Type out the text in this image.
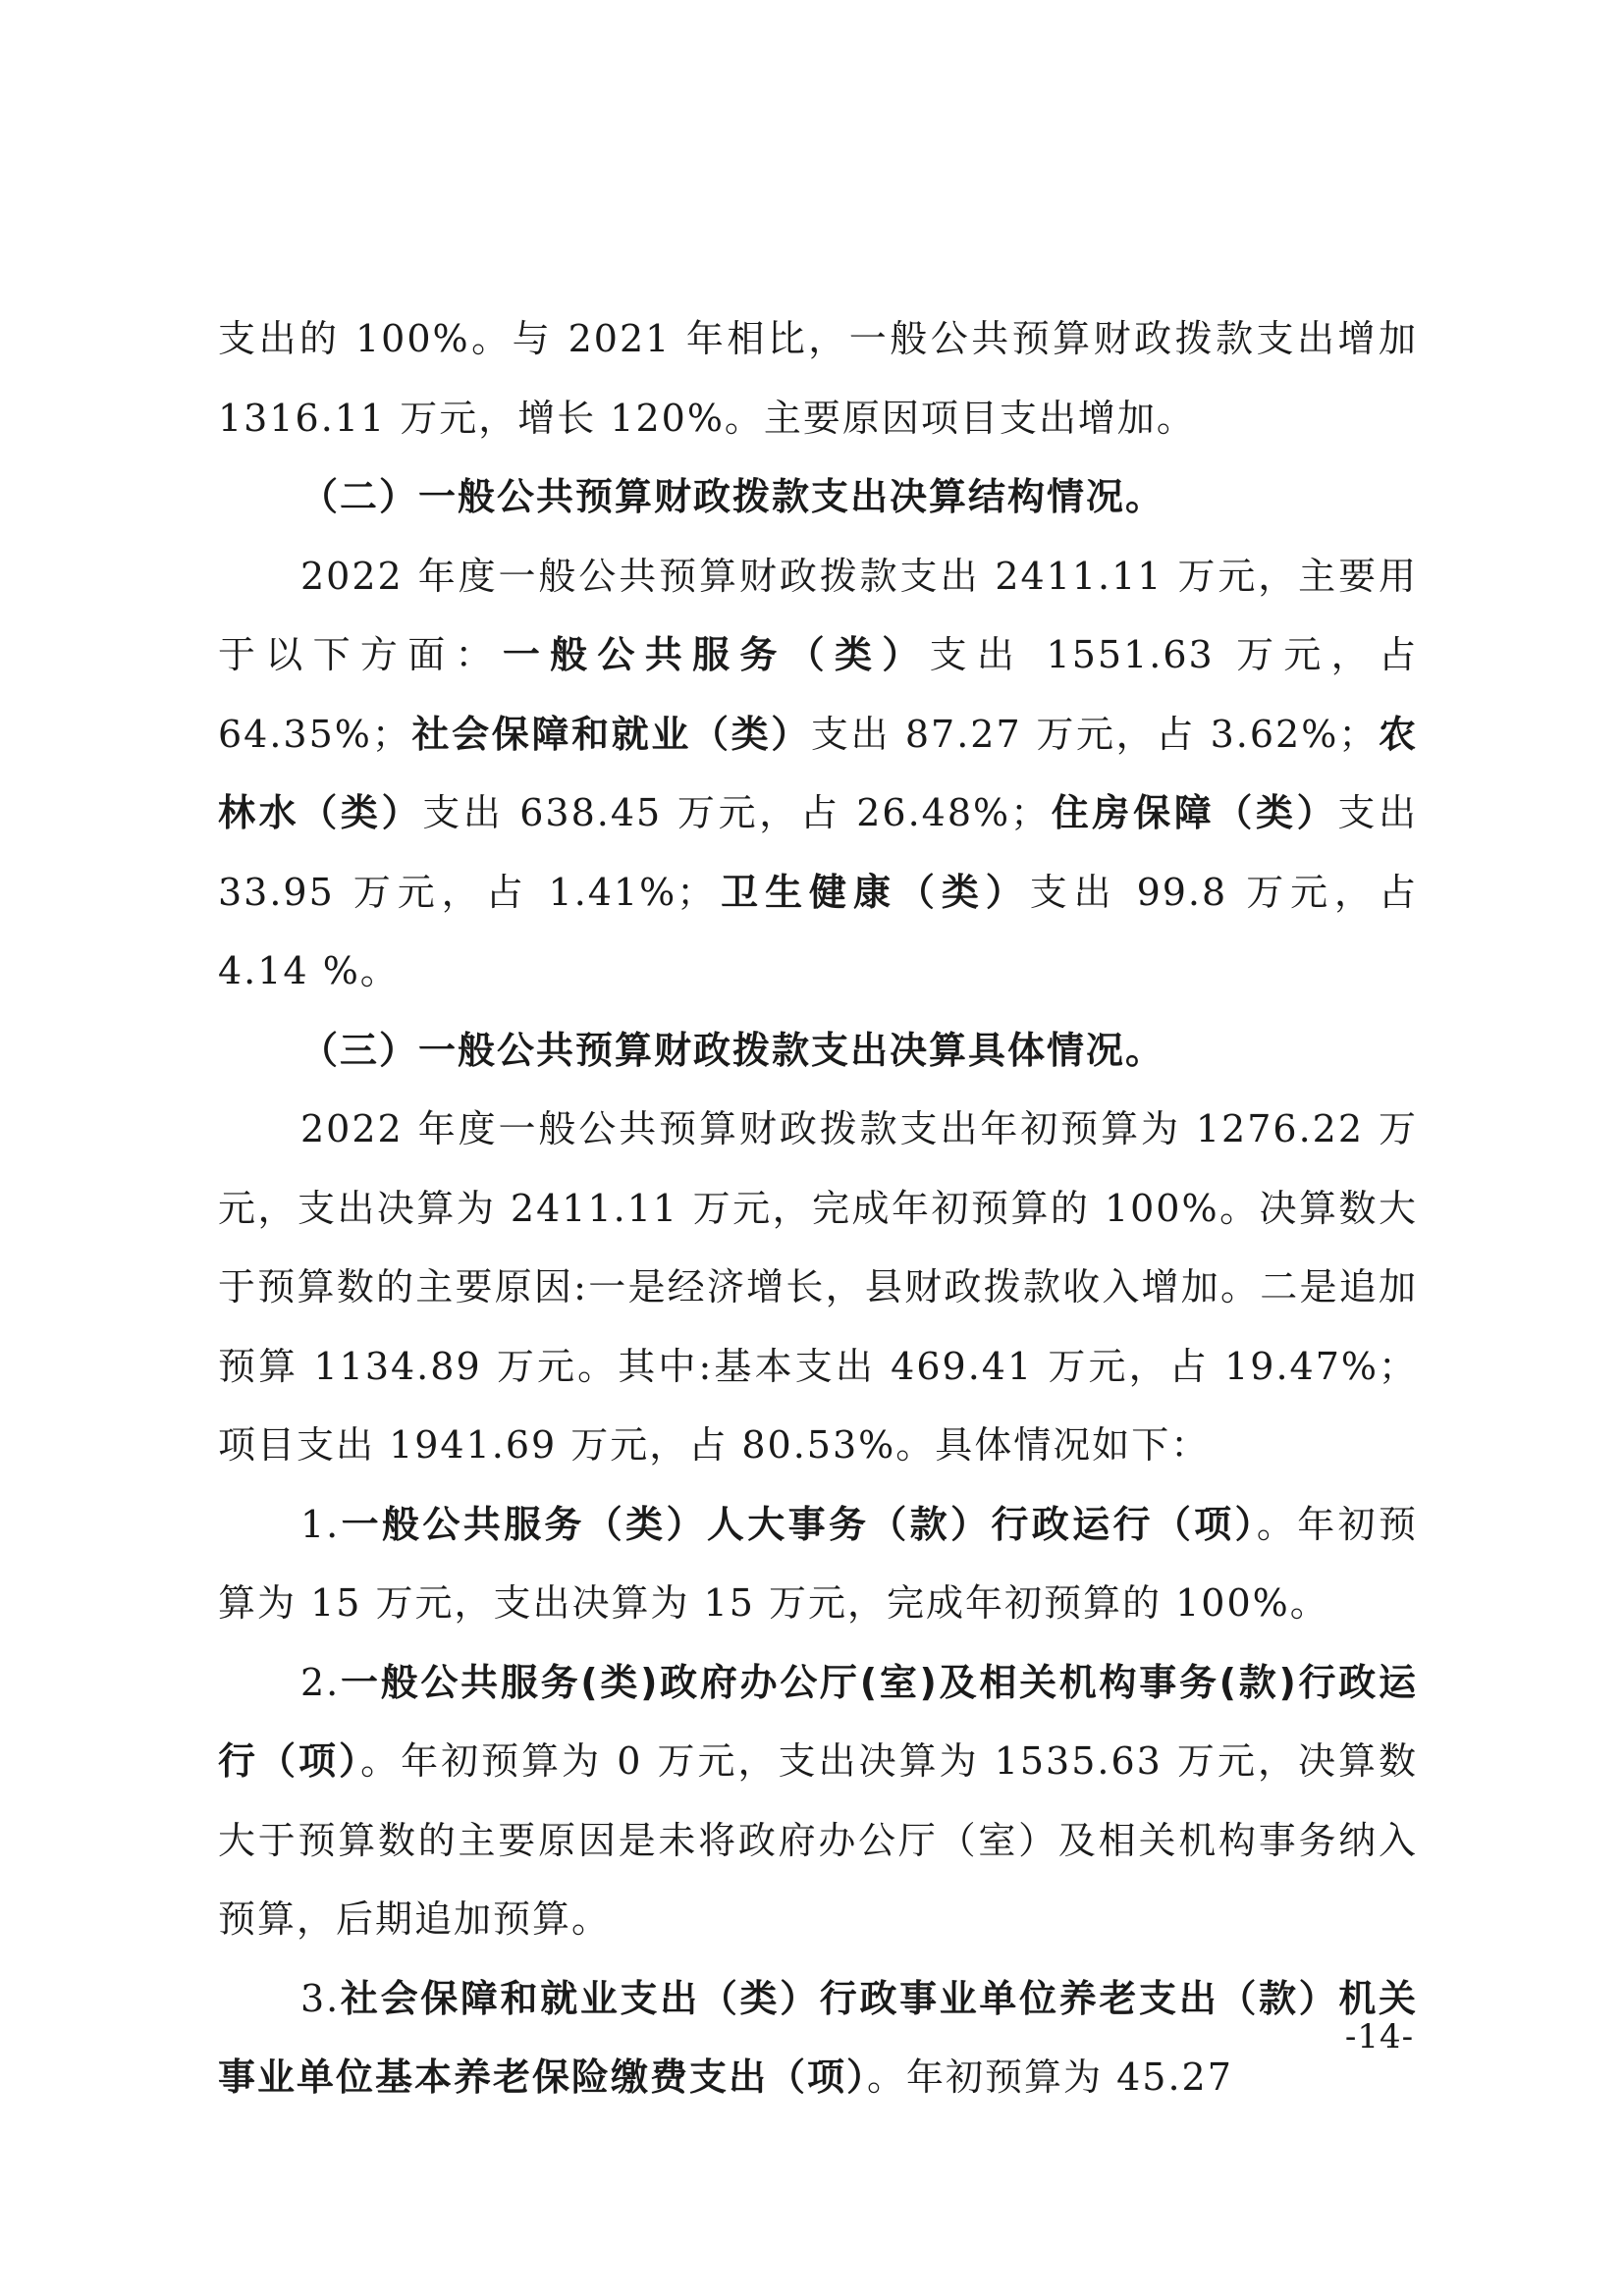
支出的 100%。与 2021 年相比，一般公共预算财政拨款支出增加 1316.11 万元，增长 120%。主要原因项目支出增加。

（二）一般公共预算财政拨款支出决算结构情况。

2022 年度一般公共预算财政拨款支出 2411.11 万元，主要用于以下方面：一般公共服务（类）支出 1551.63 万元，占 64.35%；社会保障和就业（类）支出 87.27 万元，占 3.62%；农林水（类）支出 638.45 万元，占 26.48%；住房保障（类）支出 33.95 万元，占 1.41%；卫生健康（类）支出 99.8 万元，占 4.14 %。

（三）一般公共预算财政拨款支出决算具体情况。

2022 年度一般公共预算财政拨款支出年初预算为 1276.22 万元，支出决算为 2411.11 万元，完成年初预算的 100%。决算数大于预算数的主要原因:一是经济增长，县财政拨款收入增加。二是追加预算 1134.89 万元。其中:基本支出 469.41 万元，占 19.47%；项目支出 1941.69 万元，占 80.53%。具体情况如下：

1.一般公共服务（类）人大事务（款）行政运行（项）。年初预算为 15 万元，支出决算为 15 万元，完成年初预算的 100%。

2.一般公共服务(类)政府办公厅(室)及相关机构事务(款)行政运行（项）。年初预算为 0 万元，支出决算为 1535.63 万元，决算数大于预算数的主要原因是未将政府办公厅（室）及相关机构事务纳入预算，后期追加预算。

3.社会保障和就业支出（类）行政事业单位养老支出（款）机关事业单位基本养老保险缴费支出（项）。年初预算为 45.27

-14-
